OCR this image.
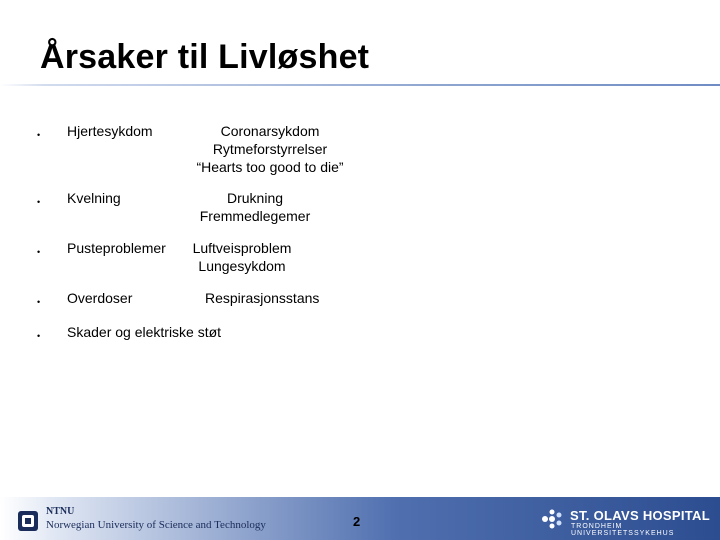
Årsaker til Livløshet
• Hjertesykdom	Coronarsykdom
Rytmeforstyrrelser
“Hearts too good to die”
• Kvelning	Drukning
Fremmedlegemer
• Pusteproblemer Luftveisproblem
Lungesykdom
• Overdoser	Respirasjonsstans
• Skader og elektriske støt
NTNU
Norwegian University of Science and Technology	2	ST. OLAVS HOSPITAL
TRONDHEIM UNIVERSITETSSYKEHUS
